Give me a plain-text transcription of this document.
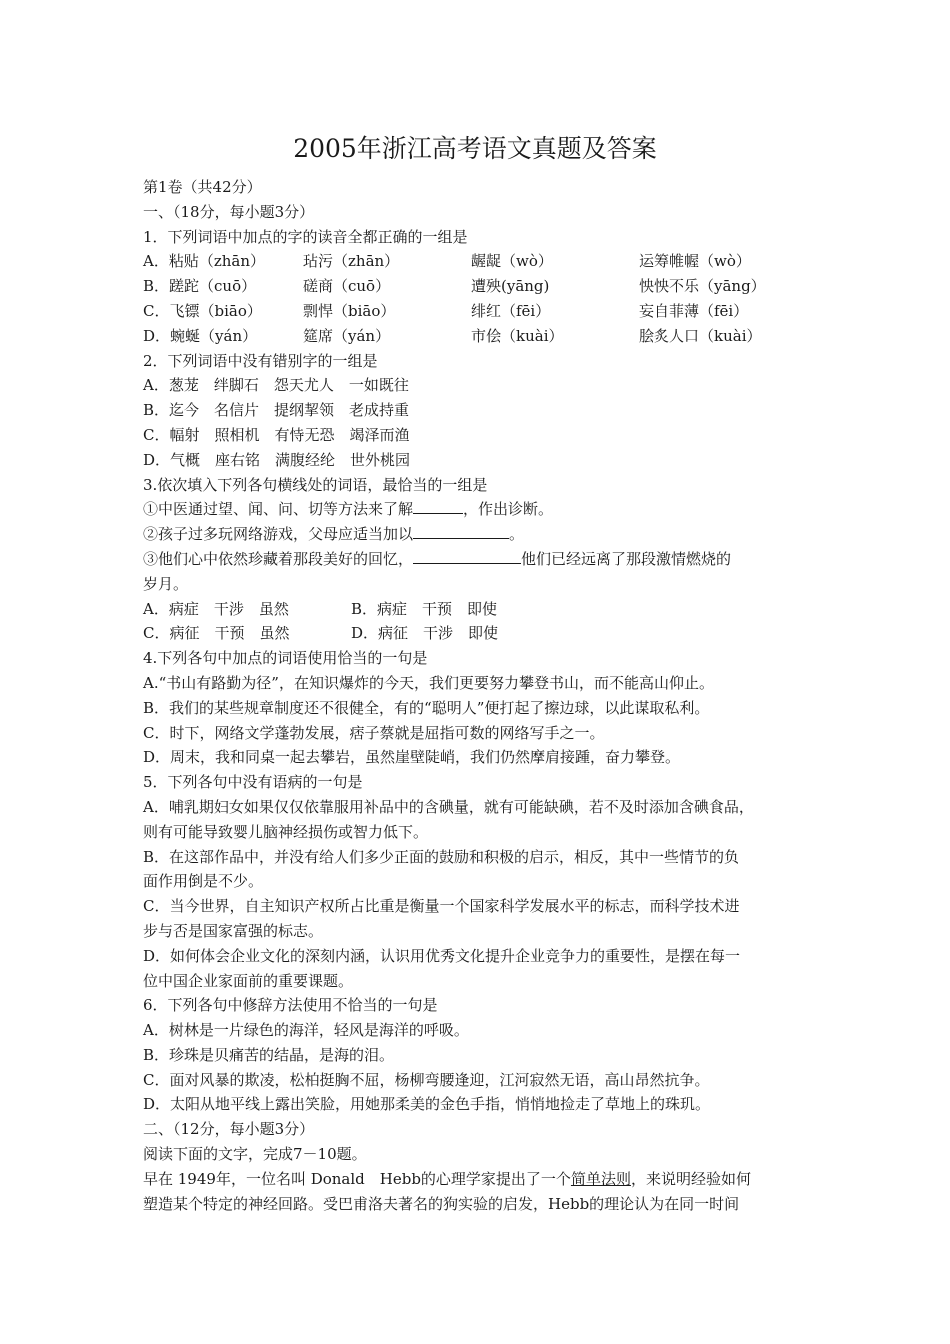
2005年浙江高考语文真题及答案
第1卷（共42分）
一、（18分，每小题3分）
1．下列词语中加点的字的读音全都正确的一组是
A．粘贴（zhān）	玷污（zhān）	龌龊（wò）	运筹帷幄（wò）
B．蹉跎（cuō）	磋商（cuō）	遭殃(yāng)	怏怏不乐（yāng）
C．飞镖（biāo）	剽悍（biāo）	绯红（fēi）	妄自菲薄（fēi）
D．蜿蜒（yán）	筵席（yán）	市侩（kuài）	脍炙人口（kuài）
2．下列词语中没有错别字的一组是
A．葱茏　绊脚石　怨天尤人　一如既往
B．迄今　名信片　提纲挈领　老成持重
C．幅射　照相机　有恃无恐　竭泽而渔
D．气概　座右铭　满腹经纶　世外桃园
3.依次填入下列各句横线处的词语，最恰当的一组是
①中医通过望、闻、问、切等方法来了解	，作出诊断。
②孩子过多玩网络游戏，父母应适当加以	。
③他们心中依然珍藏着那段美好的回忆，	他们已经远离了那段激情燃烧的
岁月。
A．病症　干涉　虽然	B．病症　干预　即使
C．病征　干预　虽然	D．病征　干涉　即使
4.下列各句中加点的词语使用恰当的一句是
A.“书山有路勤为径”，在知识爆炸的今天，我们更要努力攀登书山，而不能高山仰止。
B．我们的某些规章制度还不很健全，有的“聪明人”便打起了擦边球，以此谋取私利。
C．时下，网络文学蓬勃发展，痞子蔡就是屈指可数的网络写手之一。
D．周末，我和同桌一起去攀岩，虽然崖壁陡峭，我们仍然摩肩接踵，奋力攀登。
5．下列各句中没有语病的一句是
A．哺乳期妇女如果仅仅依靠服用补品中的含碘量，就有可能缺碘，若不及时添加含碘食品，
则有可能导致婴儿脑神经损伤或智力低下。
B．在这部作品中，并没有给人们多少正面的鼓励和积极的启示，相反，其中一些情节的负
面作用倒是不少。
C．当今世界，自主知识产权所占比重是衡量一个国家科学发展水平的标志，而科学技术进
步与否是国家富强的标志。
D．如何体会企业文化的深刻内涵，认识用优秀文化提升企业竞争力的重要性，是摆在每一
位中国企业家面前的重要课题。
6．下列各句中修辞方法使用不恰当的一句是
A．树林是一片绿色的海洋，轻风是海洋的呼吸。
B．珍珠是贝痛苦的结晶，是海的泪。
C．面对风暴的欺凌，松柏挺胸不屈，杨柳弯腰逢迎，江河寂然无语，高山昂然抗争。
D．太阳从地平线上露出笑脸，用她那柔美的金色手指，悄悄地捡走了草地上的珠玑。
二、（12分，每小题3分）
阅读下面的文字，完成7－10题。
早在 1949年，一位名叫 Donald　Hebb的心理学家提出了一个简单法则，来说明经验如何
塑造某个特定的神经回路。受巴甫洛夫著名的狗实验的启发，Hebb的理论认为在同一时间
